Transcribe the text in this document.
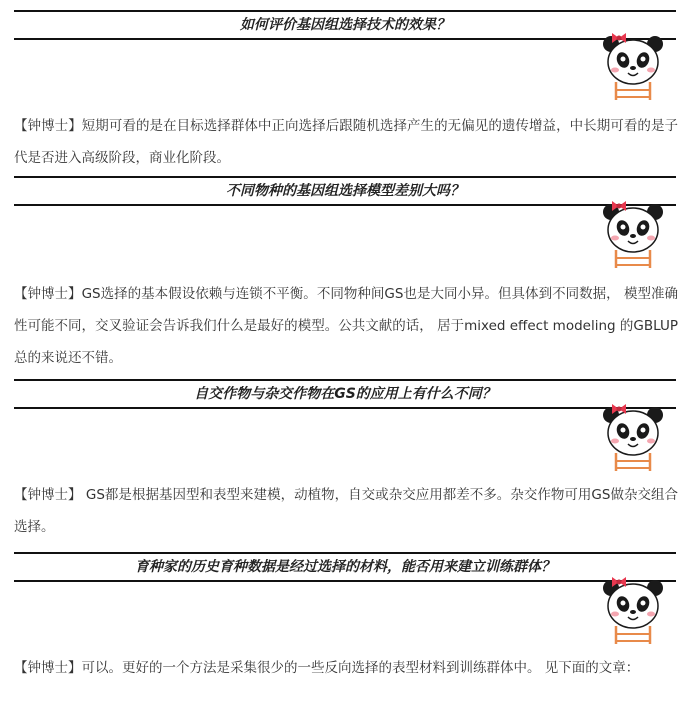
如何评价基因组选择技术的效果？
【钟博士】短期可看的是在目标选择群体中正向选择后跟随机选择产生的无偏见的遗传增益，中长期可看的是子代是否进入高级阶段，商业化阶段。
不同物种的基因组选择模型差别大吗？
【钟博士】GS选择的基本假设依赖与连锁不平衡。不同物种间GS也是大同小异。但具体到不同数据， 模型准确性可能不同，交叉验证会告诉我们什么是最好的模型。公共文献的话， 居于mixed effect modeling 的GBLUP总的来说还不错。
自交作物与杂交作物在GS的应用上有什么不同？
【钟博士】 GS都是根据基因型和表型来建模，动植物，自交或杂交应用都差不多。杂交作物可用GS做杂交组合选择。
育种家的历史育种数据是经过选择的材料，能否用来建立训练群体？
【钟博士】可以。更好的一个方法是采集很少的一些反向选择的表型材料到训练群体中。 见下面的文章：
